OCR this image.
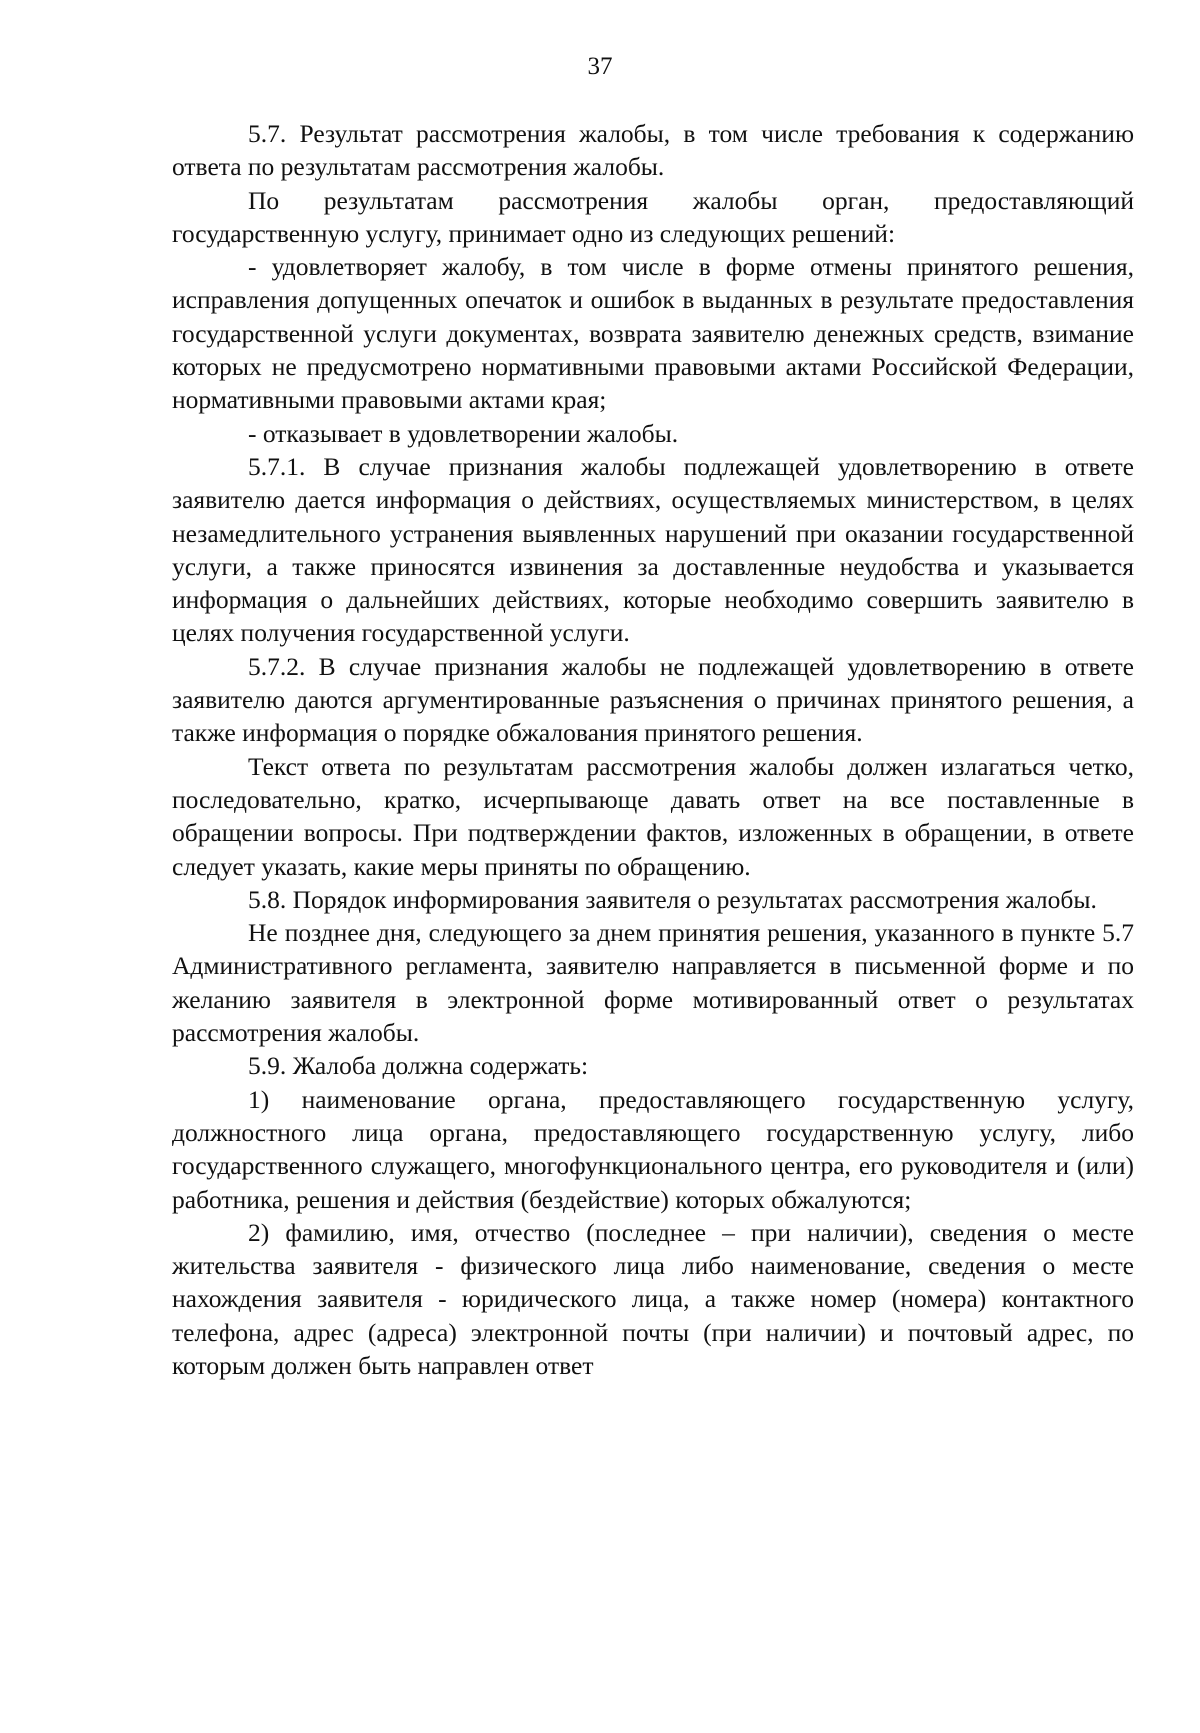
37

5.7. Результат рассмотрения жалобы, в том числе требования к содержанию ответа по результатам рассмотрения жалобы.

По результатам рассмотрения жалобы орган, предоставляющий государственную услугу, принимает одно из следующих решений:

- удовлетворяет жалобу, в том числе в форме отмены принятого решения, исправления допущенных опечаток и ошибок в выданных в результате предоставления государственной услуги документах, возврата заявителю денежных средств, взимание которых не предусмотрено нормативными правовыми актами Российской Федерации, нормативными правовыми актами края;

- отказывает в удовлетворении жалобы.

5.7.1. В случае признания жалобы подлежащей удовлетворению в ответе заявителю дается информация о действиях, осуществляемых министерством, в целях незамедлительного устранения выявленных нарушений при оказании государственной услуги, а также приносятся извинения за доставленные неудобства и указывается информация о дальнейших действиях, которые необходимо совершить заявителю в целях получения государственной услуги.

5.7.2. В случае признания жалобы не подлежащей удовлетворению в ответе заявителю даются аргументированные разъяснения о причинах принятого решения, а также информация о порядке обжалования принятого решения.

Текст ответа по результатам рассмотрения жалобы должен излагаться четко, последовательно, кратко, исчерпывающе давать ответ на все поставленные в обращении вопросы. При подтверждении фактов, изложенных в обращении, в ответе следует указать, какие меры приняты по обращению.

5.8. Порядок информирования заявителя о результатах рассмотрения жалобы.

Не позднее дня, следующего за днем принятия решения, указанного в пункте 5.7 Административного регламента, заявителю направляется в письменной форме и по желанию заявителя в электронной форме мотивированный ответ о результатах рассмотрения жалобы.

5.9. Жалоба должна содержать:

1) наименование органа, предоставляющего государственную услугу, должностного лица органа, предоставляющего государственную услугу, либо государственного служащего, многофункционального центра, его руководителя и (или) работника, решения и действия (бездействие) которых обжалуются;

2) фамилию, имя, отчество (последнее – при наличии), сведения о месте жительства заявителя - физического лица либо наименование, сведения о месте нахождения заявителя - юридического лица, а также номер (номера) контактного телефона, адрес (адреса) электронной почты (при наличии) и почтовый адрес, по которым должен быть направлен ответ
